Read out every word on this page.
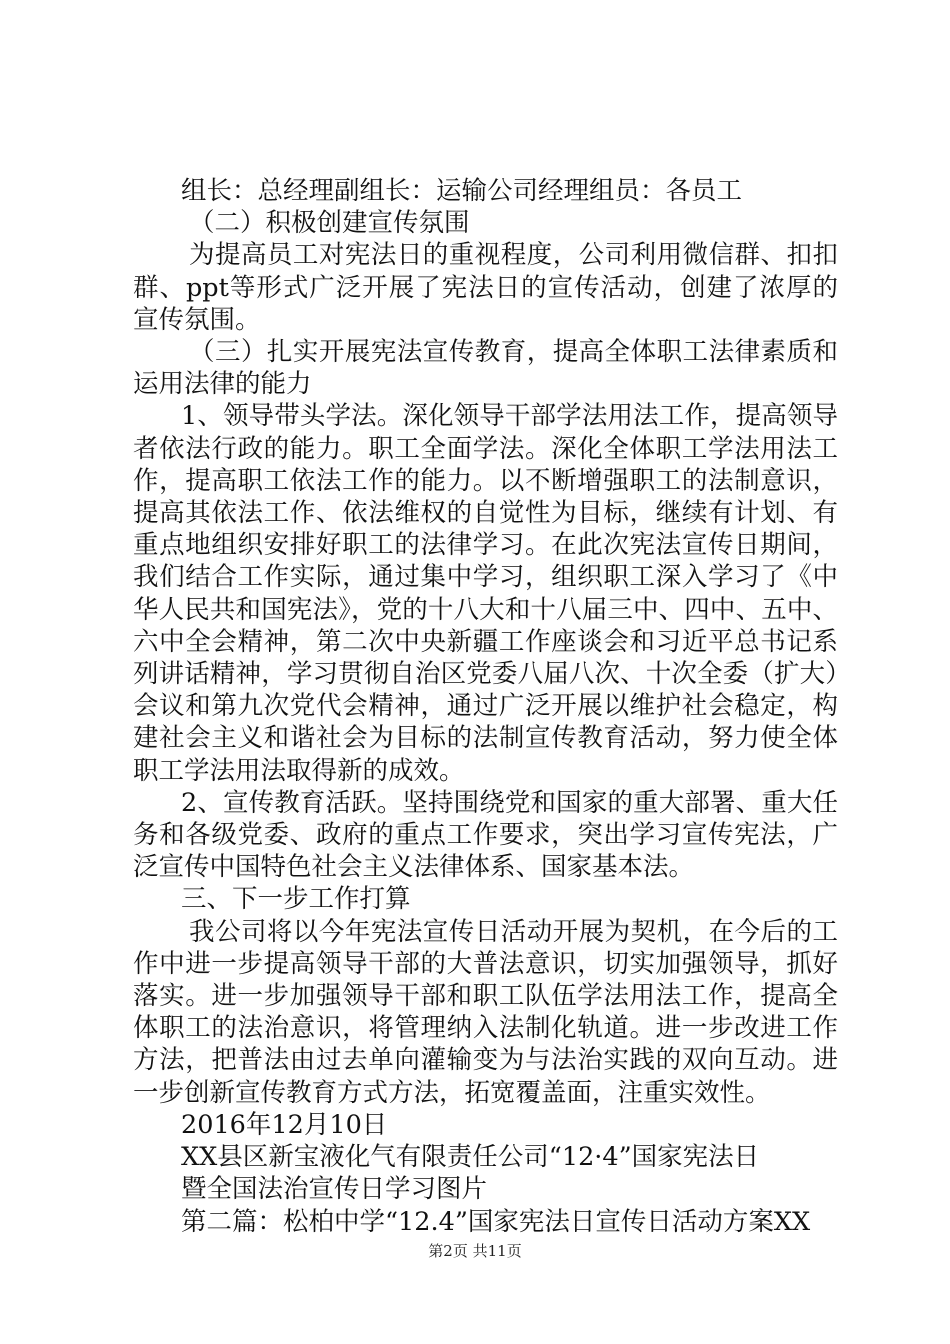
组长：总经理副组长：运输公司经理组员：各员工

（二）积极创建宣传氛围

为提高员工对宪法日的重视程度，公司利用微信群、扣扣群、ppt等形式广泛开展了宪法日的宣传活动，创建了浓厚的宣传氛围。

（三）扎实开展宪法宣传教育，提高全体职工法律素质和运用法律的能力

1、领导带头学法。深化领导干部学法用法工作，提高领导者依法行政的能力。职工全面学法。深化全体职工学法用法工作，提高职工依法工作的能力。以不断增强职工的法制意识，提高其依法工作、依法维权的自觉性为目标，继续有计划、有重点地组织安排好职工的法律学习。在此次宪法宣传日期间，我们结合工作实际，通过集中学习，组织职工深入学习了《中华人民共和国宪法》，党的十八大和十八届三中、四中、五中、六中全会精神，第二次中央新疆工作座谈会和习近平总书记系列讲话精神，学习贯彻自治区党委八届八次、十次全委（扩大）会议和第九次党代会精神，通过广泛开展以维护社会稳定，构建社会主义和谐社会为目标的法制宣传教育活动，努力使全体职工学法用法取得新的成效。

2、宣传教育活跃。坚持围绕党和国家的重大部署、重大任务和各级党委、政府的重点工作要求，突出学习宣传宪法，广泛宣传中国特色社会主义法律体系、国家基本法。

三、下一步工作打算

我公司将以今年宪法宣传日活动开展为契机，在今后的工作中进一步提高领导干部的大普法意识，切实加强领导，抓好落实。进一步加强领导干部和职工队伍学法用法工作，提高全体职工的法治意识，将管理纳入法制化轨道。进一步改进工作方法，把普法由过去单向灌输变为与法治实践的双向互动。进一步创新宣传教育方式方法，拓宽覆盖面，注重实效性。

2016年12月10日

XX县区新宝液化气有限责任公司“12·4”国家宪法日

暨全国法治宣传日学习图片

第二篇：松柏中学“12.4”国家宪法日宣传日活动方案XX

第2页 共11页
